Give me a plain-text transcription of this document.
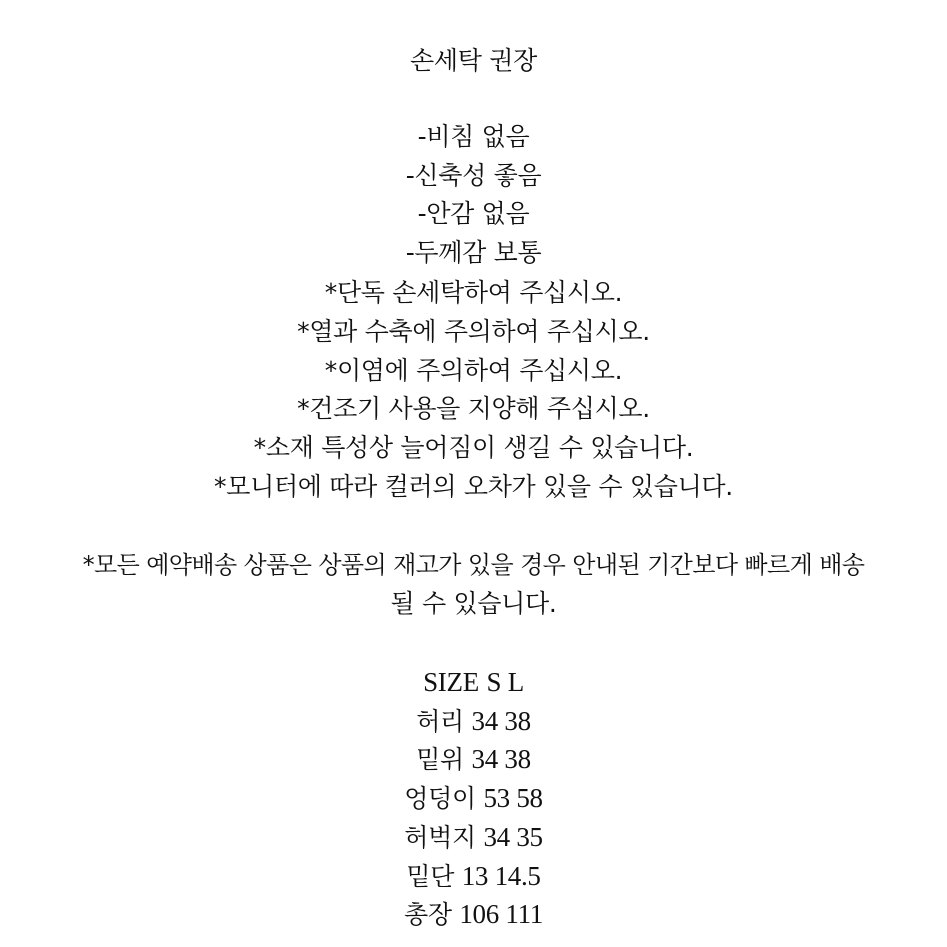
손세탁 권장
-비침 없음
-신축성 좋음
-안감 없음
-두께감 보통
*단독 손세탁하여 주십시오.
*열과 수축에 주의하여 주십시오.
*이염에 주의하여 주십시오.
*건조기 사용을 지양해 주십시오.
*소재 특성상 늘어짐이 생길 수 있습니다.
*모니터에 따라 컬러의 오차가 있을 수 있습니다.
*모든 예약배송 상품은 상품의 재고가 있을 경우 안내된 기간보다 빠르게 배송
될 수 있습니다.
SIZE S L
허리 34 38
밑위 34 38
엉덩이 53 58
허벅지 34 35
밑단 13 14.5
총장 106 111
